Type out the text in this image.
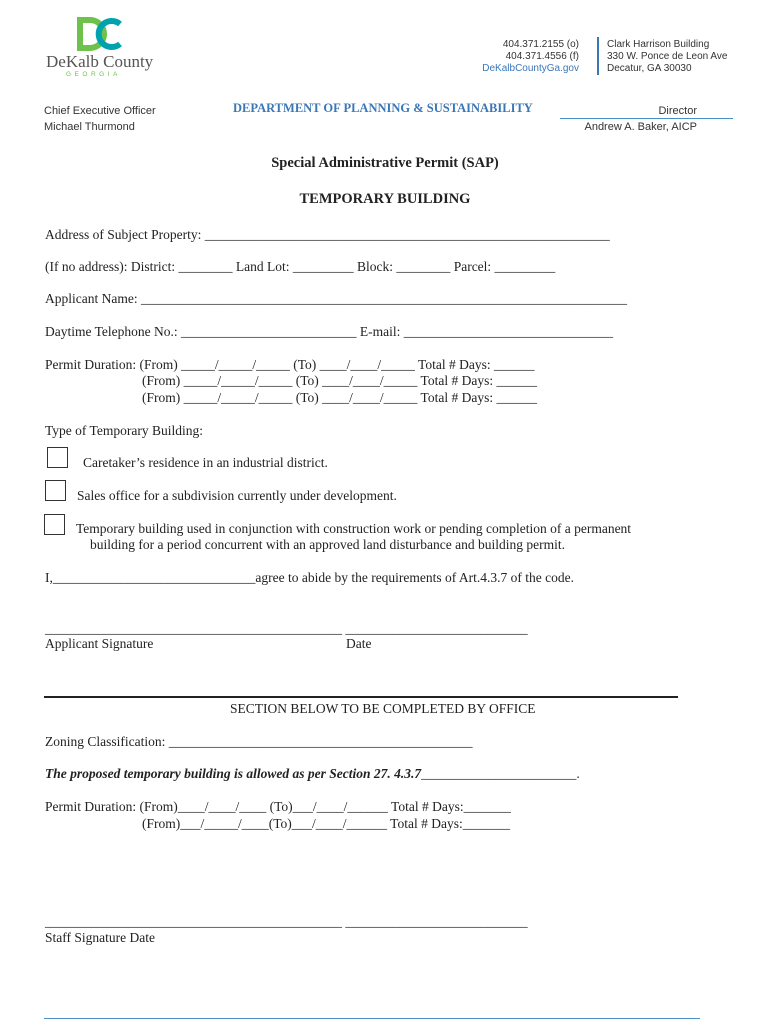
DeKalb County
GEORGIA
404.371.2155 (o)
404.371.4556 (f)
DeKalbCountyGa.gov
Clark Harrison Building
330 W. Ponce de Leon Ave
Decatur, GA 30030
Chief Executive Officer
Michael Thurmond
DEPARTMENT OF PLANNING & SUSTAINABILITY	Director
Andrew A. Baker, AICP
Special Administrative Permit (SAP)
TEMPORARY BUILDING
Address of Subject Property: ____________________________________________________________
(If no address): District: ________ Land Lot: _________ Block: ________ Parcel: _________
Applicant Name: ________________________________________________________________________
Daytime Telephone No.: __________________________ E-mail: _______________________________
Permit Duration: (From) _____/_____/_____ (To) ____/____/_____ Total # Days: ______
(From) _____/_____/_____ (To) ____/____/_____ Total # Days: ______
(From) _____/_____/_____ (To) ____/____/_____ Total # Days: ______
Type of Temporary Building:
Caretaker’s residence in an industrial district.
Sales office for a subdivision currently under development.
Temporary building used in conjunction with construction work or pending completion of a permanent
building for a period concurrent with an approved land disturbance and building permit.
I,______________________________agree to abide by the requirements of Art.4.3.7 of the code.
____________________________________________ ___________________________
Applicant Signature	Date
SECTION BELOW TO BE COMPLETED BY OFFICE
Zoning Classification: _____________________________________________
The proposed temporary building is allowed as per Section 27. 4.3.7_______________________.
Permit Duration: (From)____/____/____ (To)___/____/______ Total # Days:_______
(From)___/_____/____(To)___/____/______ Total # Days:_______
____________________________________________ ___________________________
Staff Signature Date
